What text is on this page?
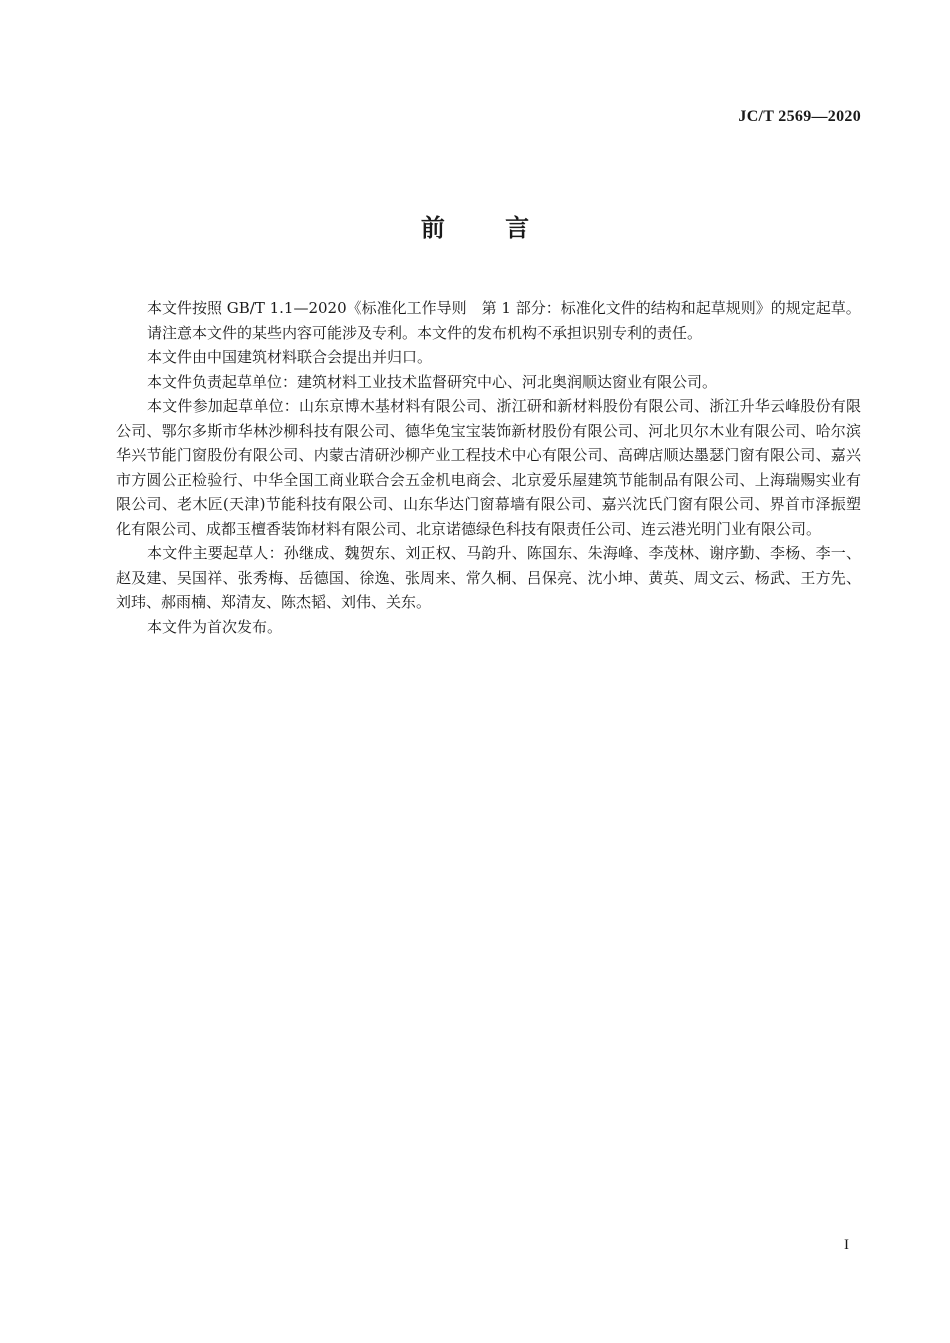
JC/T 2569—2020
前 言

本文件按照 GB/T 1.1—2020《标准化工作导则　第 1 部分：标准化文件的结构和起草规则》的规定起草。

请注意本文件的某些内容可能涉及专利。本文件的发布机构不承担识别专利的责任。

本文件由中国建筑材料联合会提出并归口。

本文件负责起草单位：建筑材料工业技术监督研究中心、河北奥润顺达窗业有限公司。

本文件参加起草单位：山东京博木基材料有限公司、浙江研和新材料股份有限公司、浙江升华云峰股份有限公司、鄂尔多斯市华林沙柳科技有限公司、德华兔宝宝装饰新材股份有限公司、河北贝尔木业有限公司、哈尔滨华兴节能门窗股份有限公司、内蒙古清研沙柳产业工程技术中心有限公司、高碑店顺达墨瑟门窗有限公司、嘉兴市方圆公正检验行、中华全国工商业联合会五金机电商会、北京爱乐屋建筑节能制品有限公司、上海瑞赐实业有限公司、老木匠(天津)节能科技有限公司、山东华达门窗幕墙有限公司、嘉兴沈氏门窗有限公司、界首市泽振塑化有限公司、成都玉檀香装饰材料有限公司、北京诺德绿色科技有限责任公司、连云港光明门业有限公司。

本文件主要起草人：孙继成、魏贺东、刘正权、马韵升、陈国东、朱海峰、李茂林、谢序勤、李杨、李一、赵及建、吴国祥、张秀梅、岳德国、徐逸、张周来、常久桐、吕保亮、沈小坤、黄英、周文云、杨武、王方先、刘玮、郝雨楠、郑清友、陈杰韬、刘伟、关东。

本文件为首次发布。

I
